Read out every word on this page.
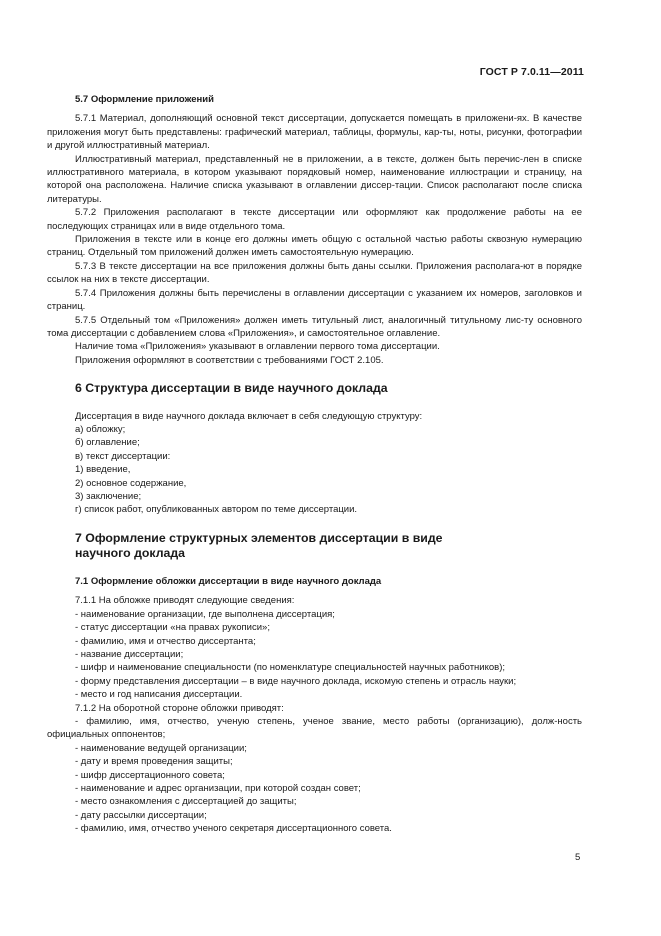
ГОСТ Р 7.0.11—2011
5.7 Оформление приложений

5.7.1 Материал, дополняющий основной текст диссертации, допускается помещать в приложени-ях. В качестве приложения могут быть представлены: графический материал, таблицы, формулы, кар-ты, ноты, рисунки, фотографии и другой иллюстративный материал.

Иллюстративный материал, представленный не в приложении, а в тексте, должен быть перечис-лен в списке иллюстративного материала, в котором указывают порядковый номер, наименование иллюстрации и страницу, на которой она расположена. Наличие списка указывают в оглавлении диссер-тации. Список располагают после списка литературы.

5.7.2 Приложения располагают в тексте диссертации или оформляют как продолжение работы на ее последующих страницах или в виде отдельного тома.

Приложения в тексте или в конце его должны иметь общую с остальной частью работы сквозную нумерацию страниц. Отдельный том приложений должен иметь самостоятельную нумерацию.

5.7.3 В тексте диссертации на все приложения должны быть даны ссылки. Приложения располага-ют в порядке ссылок на них в тексте диссертации.

5.7.4 Приложения должны быть перечислены в оглавлении диссертации с указанием их номеров, заголовков и страниц.

5.7.5 Отдельный том «Приложения» должен иметь титульный лист, аналогичный титульному лис-ту основного тома диссертации с добавлением слова «Приложения», и самостоятельное оглавление.

Наличие тома «Приложения» указывают в оглавлении первого тома диссертации.

Приложения оформляют в соответствии с требованиями ГОСТ 2.105.

6 Структура диссертации в виде научного доклада

Диссертация в виде научного доклада включает в себя следующую структуру:

а) обложку;

б) оглавление;

в) текст диссертации:

1) введение,

2) основное содержание,

3) заключение;

г) список работ, опубликованных автором по теме диссертации.

7 Оформление структурных элементов диссертации в виде
научного доклада
7.1 Оформление обложки диссертации в виде научного доклада

7.1.1 На обложке приводят следующие сведения:

- наименование организации, где выполнена диссертация;

- статус диссертации «на правах рукописи»;

- фамилию, имя и отчество диссертанта;

- название диссертации;

- шифр и наименование специальности (по номенклатуре специальностей научных работников);

- форму представления диссертации – в виде научного доклада, искомую степень и отрасль науки;

- место и год написания диссертации.

7.1.2 На оборотной стороне обложки приводят:

- фамилию, имя, отчество, ученую степень, ученое звание, место работы (организацию), долж-ность официальных оппонентов;

- наименование ведущей организации;

- дату и время проведения защиты;

- шифр диссертационного совета;

- наименование и адрес организации, при которой создан совет;

- место ознакомления с диссертацией до защиты;

- дату рассылки диссертации;

- фамилию, имя, отчество ученого секретаря диссертационного совета.

5
